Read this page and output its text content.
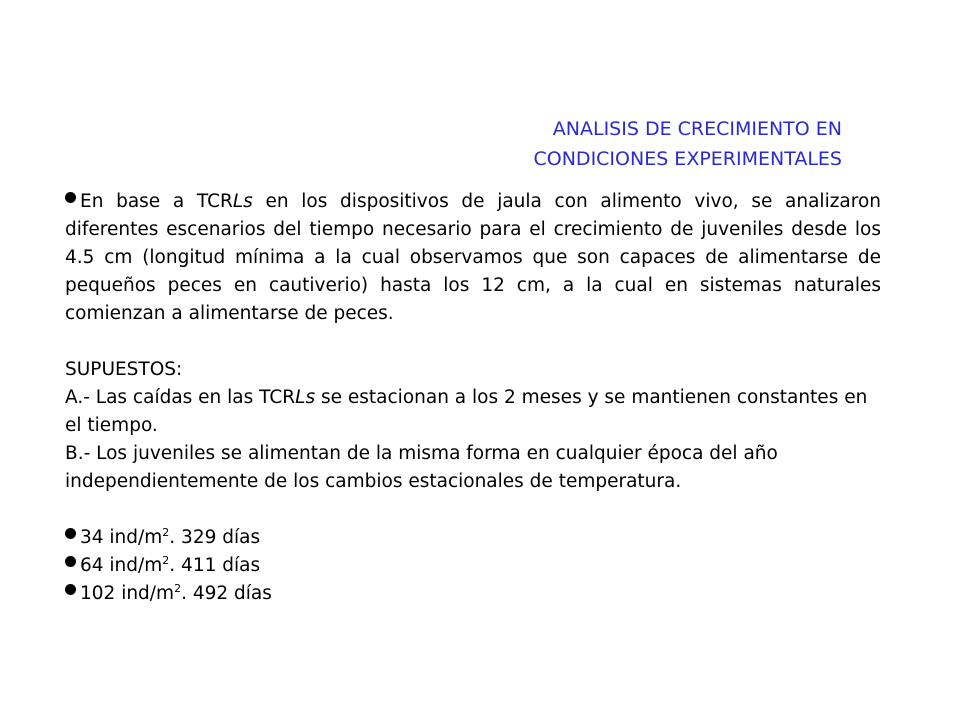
ANALISIS DE CRECIMIENTO EN
CONDICIONES EXPERIMENTALES
En base a TCRLs en los dispositivos de jaula con alimento vivo, se analizaron diferentes escenarios del tiempo necesario para el crecimiento de juveniles desde los 4.5 cm (longitud mínima a la cual observamos que son capaces de alimentarse de pequeños peces en cautiverio) hasta los 12 cm, a la cual en sistemas naturales comienzan a alimentarse de peces.
SUPUESTOS:
A.- Las caídas en las TCRLs se estacionan a los 2 meses y se mantienen constantes en el tiempo.
B.- Los juveniles se alimentan de la misma forma en cualquier época del año independientemente de los cambios estacionales de temperatura.
34 ind/$m^2$. 329 días
64 ind/$m^2$. 411 días
102 ind/$m^2$. 492 días
